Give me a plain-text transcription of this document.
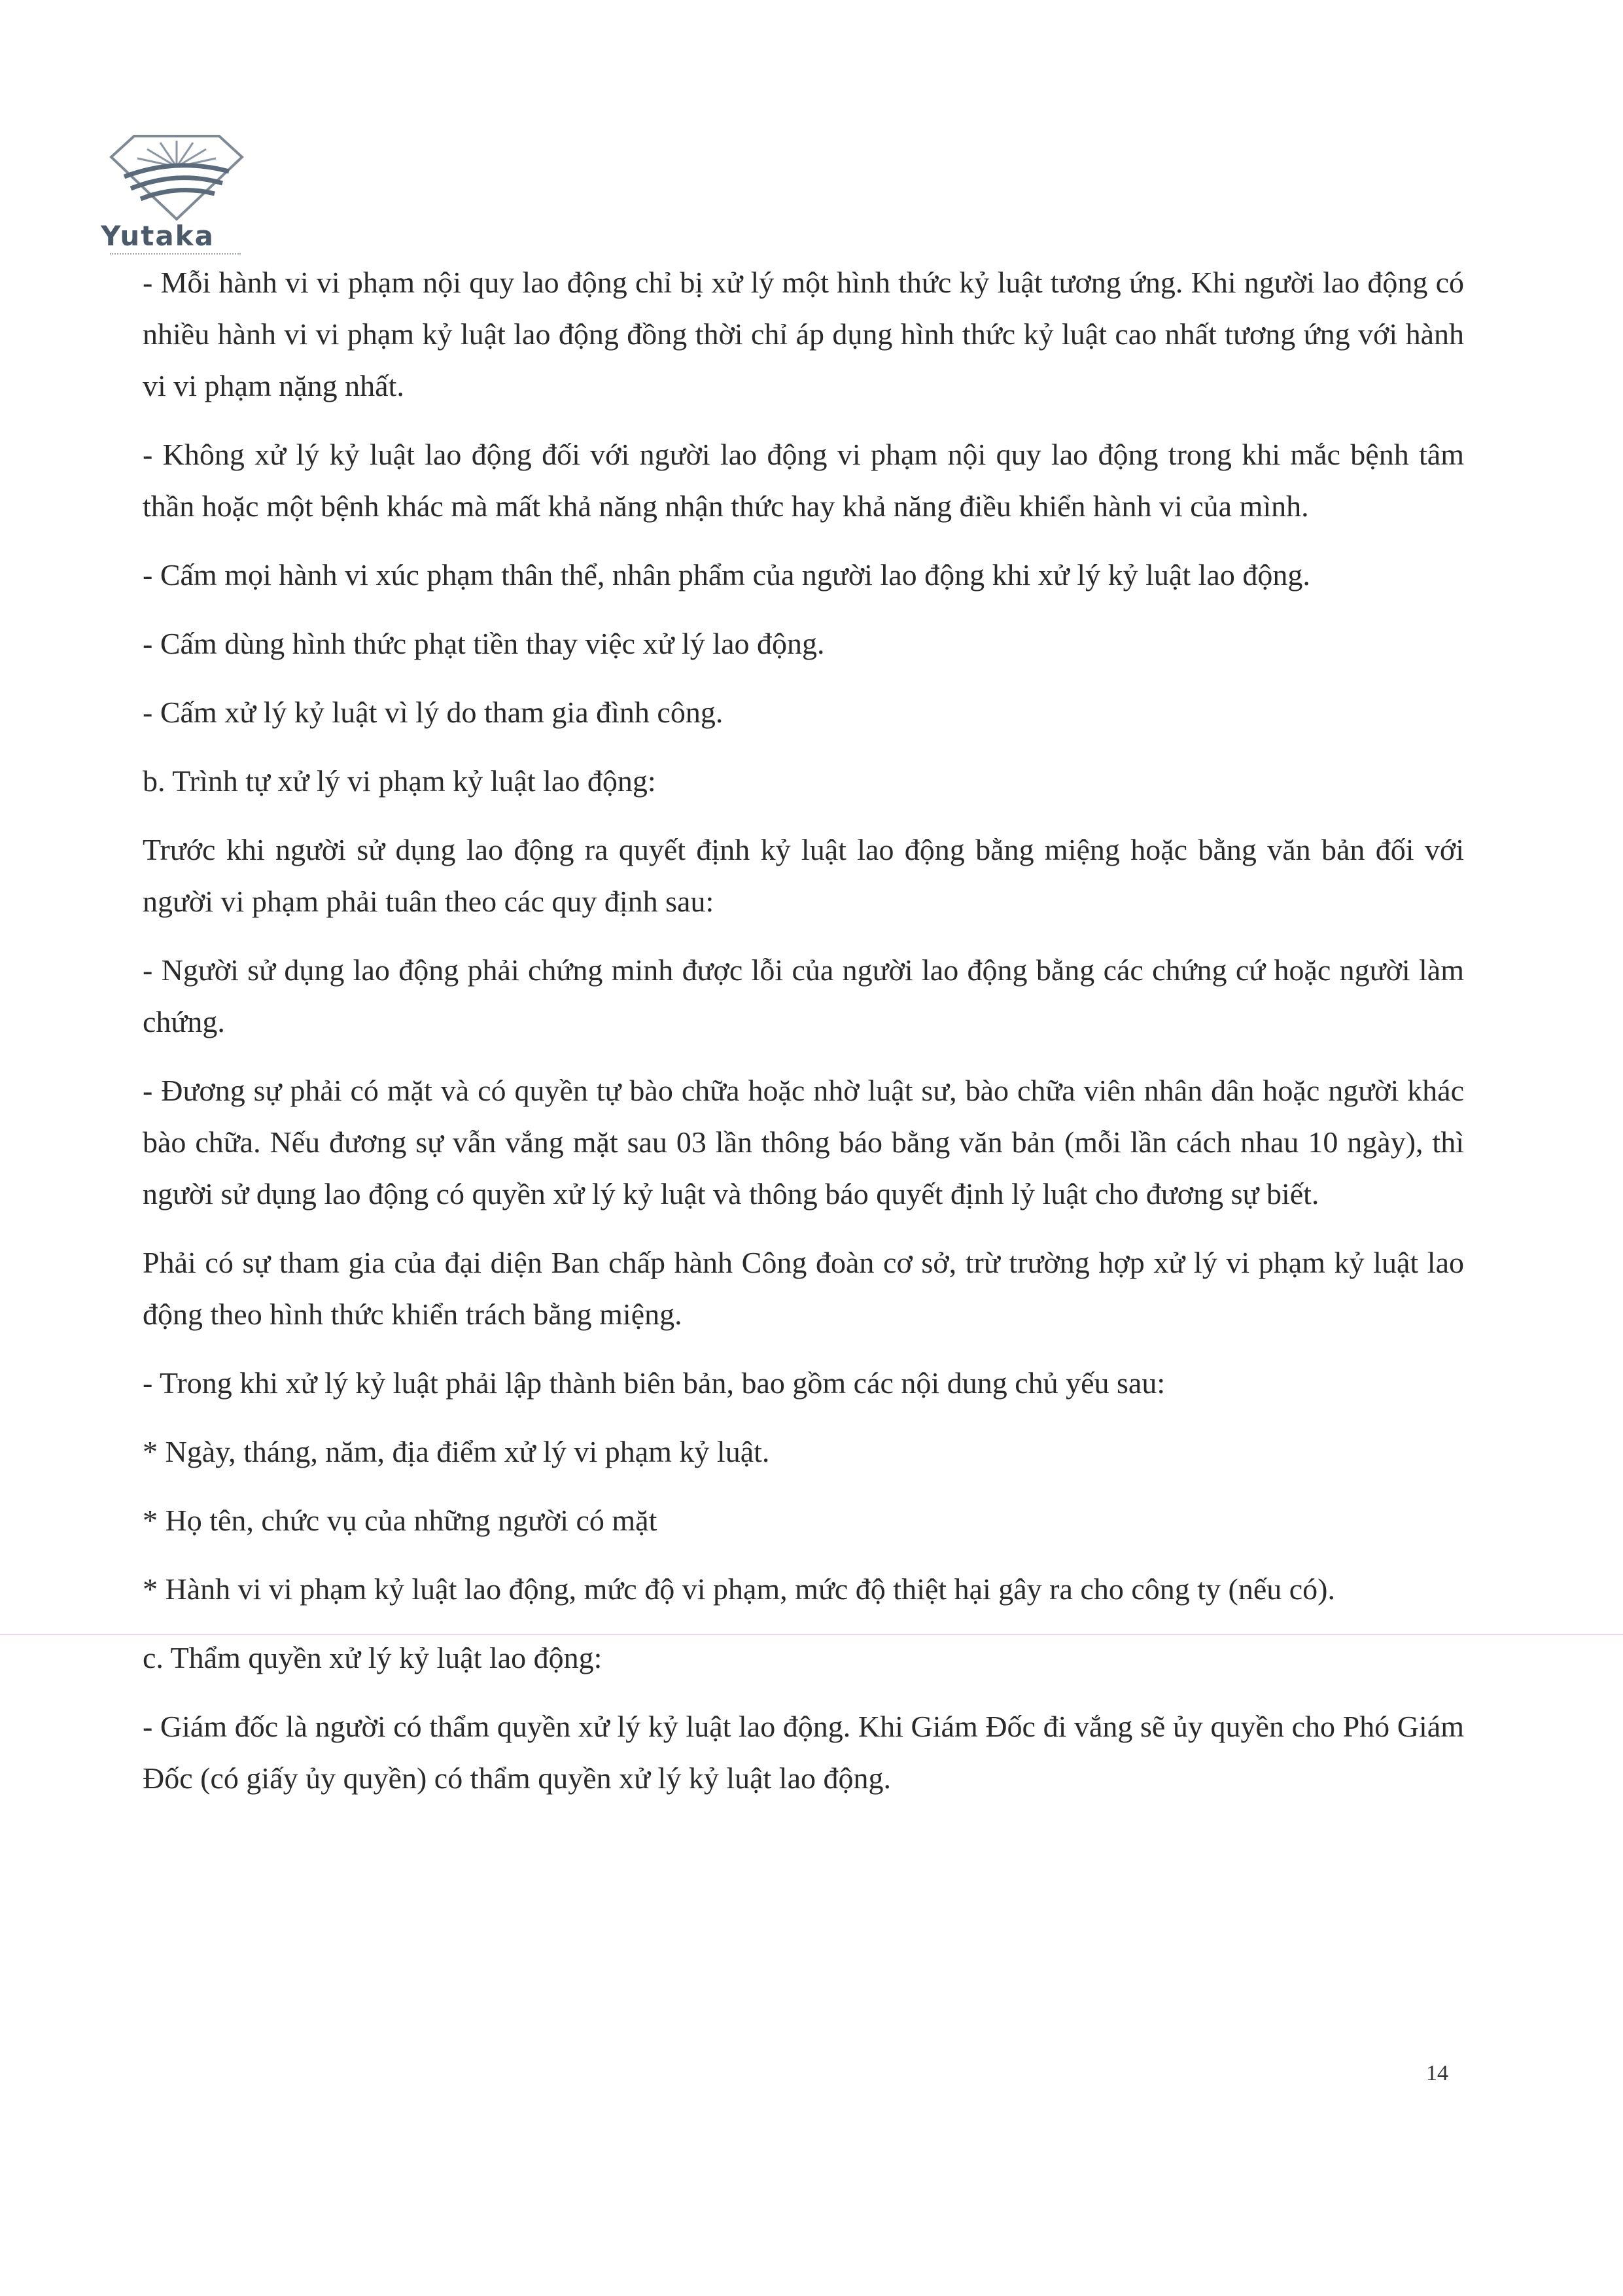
Yutaka

- Mỗi hành vi vi phạm nội quy lao động chỉ bị xử lý một hình thức kỷ luật tương ứng. Khi người lao động có nhiều hành vi vi phạm kỷ luật lao động đồng thời chỉ áp dụng hình thức kỷ luật cao nhất tương ứng với hành vi vi phạm nặng nhất.

- Không xử lý kỷ luật lao động đối với người lao động vi phạm nội quy lao động trong khi mắc bệnh tâm thần hoặc một bệnh khác mà mất khả năng nhận thức hay khả năng điều khiển hành vi của mình.

- Cấm mọi hành vi xúc phạm thân thể, nhân phẩm của người lao động khi xử lý kỷ luật lao động.

- Cấm dùng hình thức phạt tiền thay việc xử lý lao động.

- Cấm xử lý kỷ luật vì lý do tham gia đình công.

b. Trình tự xử lý vi phạm kỷ luật lao động:

Trước khi người sử dụng lao động ra quyết định kỷ luật lao động bằng miệng hoặc bằng văn bản đối với người vi phạm phải tuân theo các quy định sau:

- Người sử dụng lao động phải chứng minh được lỗi của người lao động bằng các chứng cứ hoặc người làm chứng.

- Đương sự phải có mặt và có quyền tự bào chữa hoặc nhờ luật sư, bào chữa viên nhân dân hoặc người khác bào chữa. Nếu đương sự vẫn vắng mặt sau 03 lần thông báo bằng văn bản (mỗi lần cách nhau 10 ngày), thì người sử dụng lao động có quyền xử lý kỷ luật và thông báo quyết định lỷ luật cho đương sự biết.

Phải có sự tham gia của đại diện Ban chấp hành Công đoàn cơ sở, trừ trường hợp xử lý vi phạm kỷ luật lao động theo hình thức khiển trách bằng miệng.

- Trong khi xử lý kỷ luật phải lập thành biên bản, bao gồm các nội dung chủ yếu sau:

* Ngày, tháng, năm, địa điểm xử lý vi phạm kỷ luật.

* Họ tên, chức vụ của những người có mặt

* Hành vi vi phạm kỷ luật lao động, mức độ vi phạm, mức độ thiệt hại gây ra cho công ty (nếu có).

c. Thẩm quyền xử lý kỷ luật lao động:

- Giám đốc là người có thẩm quyền xử lý kỷ luật lao động. Khi Giám Đốc đi vắng sẽ ủy quyền cho Phó Giám Đốc (có giấy ủy quyền) có thẩm quyền xử lý kỷ luật lao động.

14
